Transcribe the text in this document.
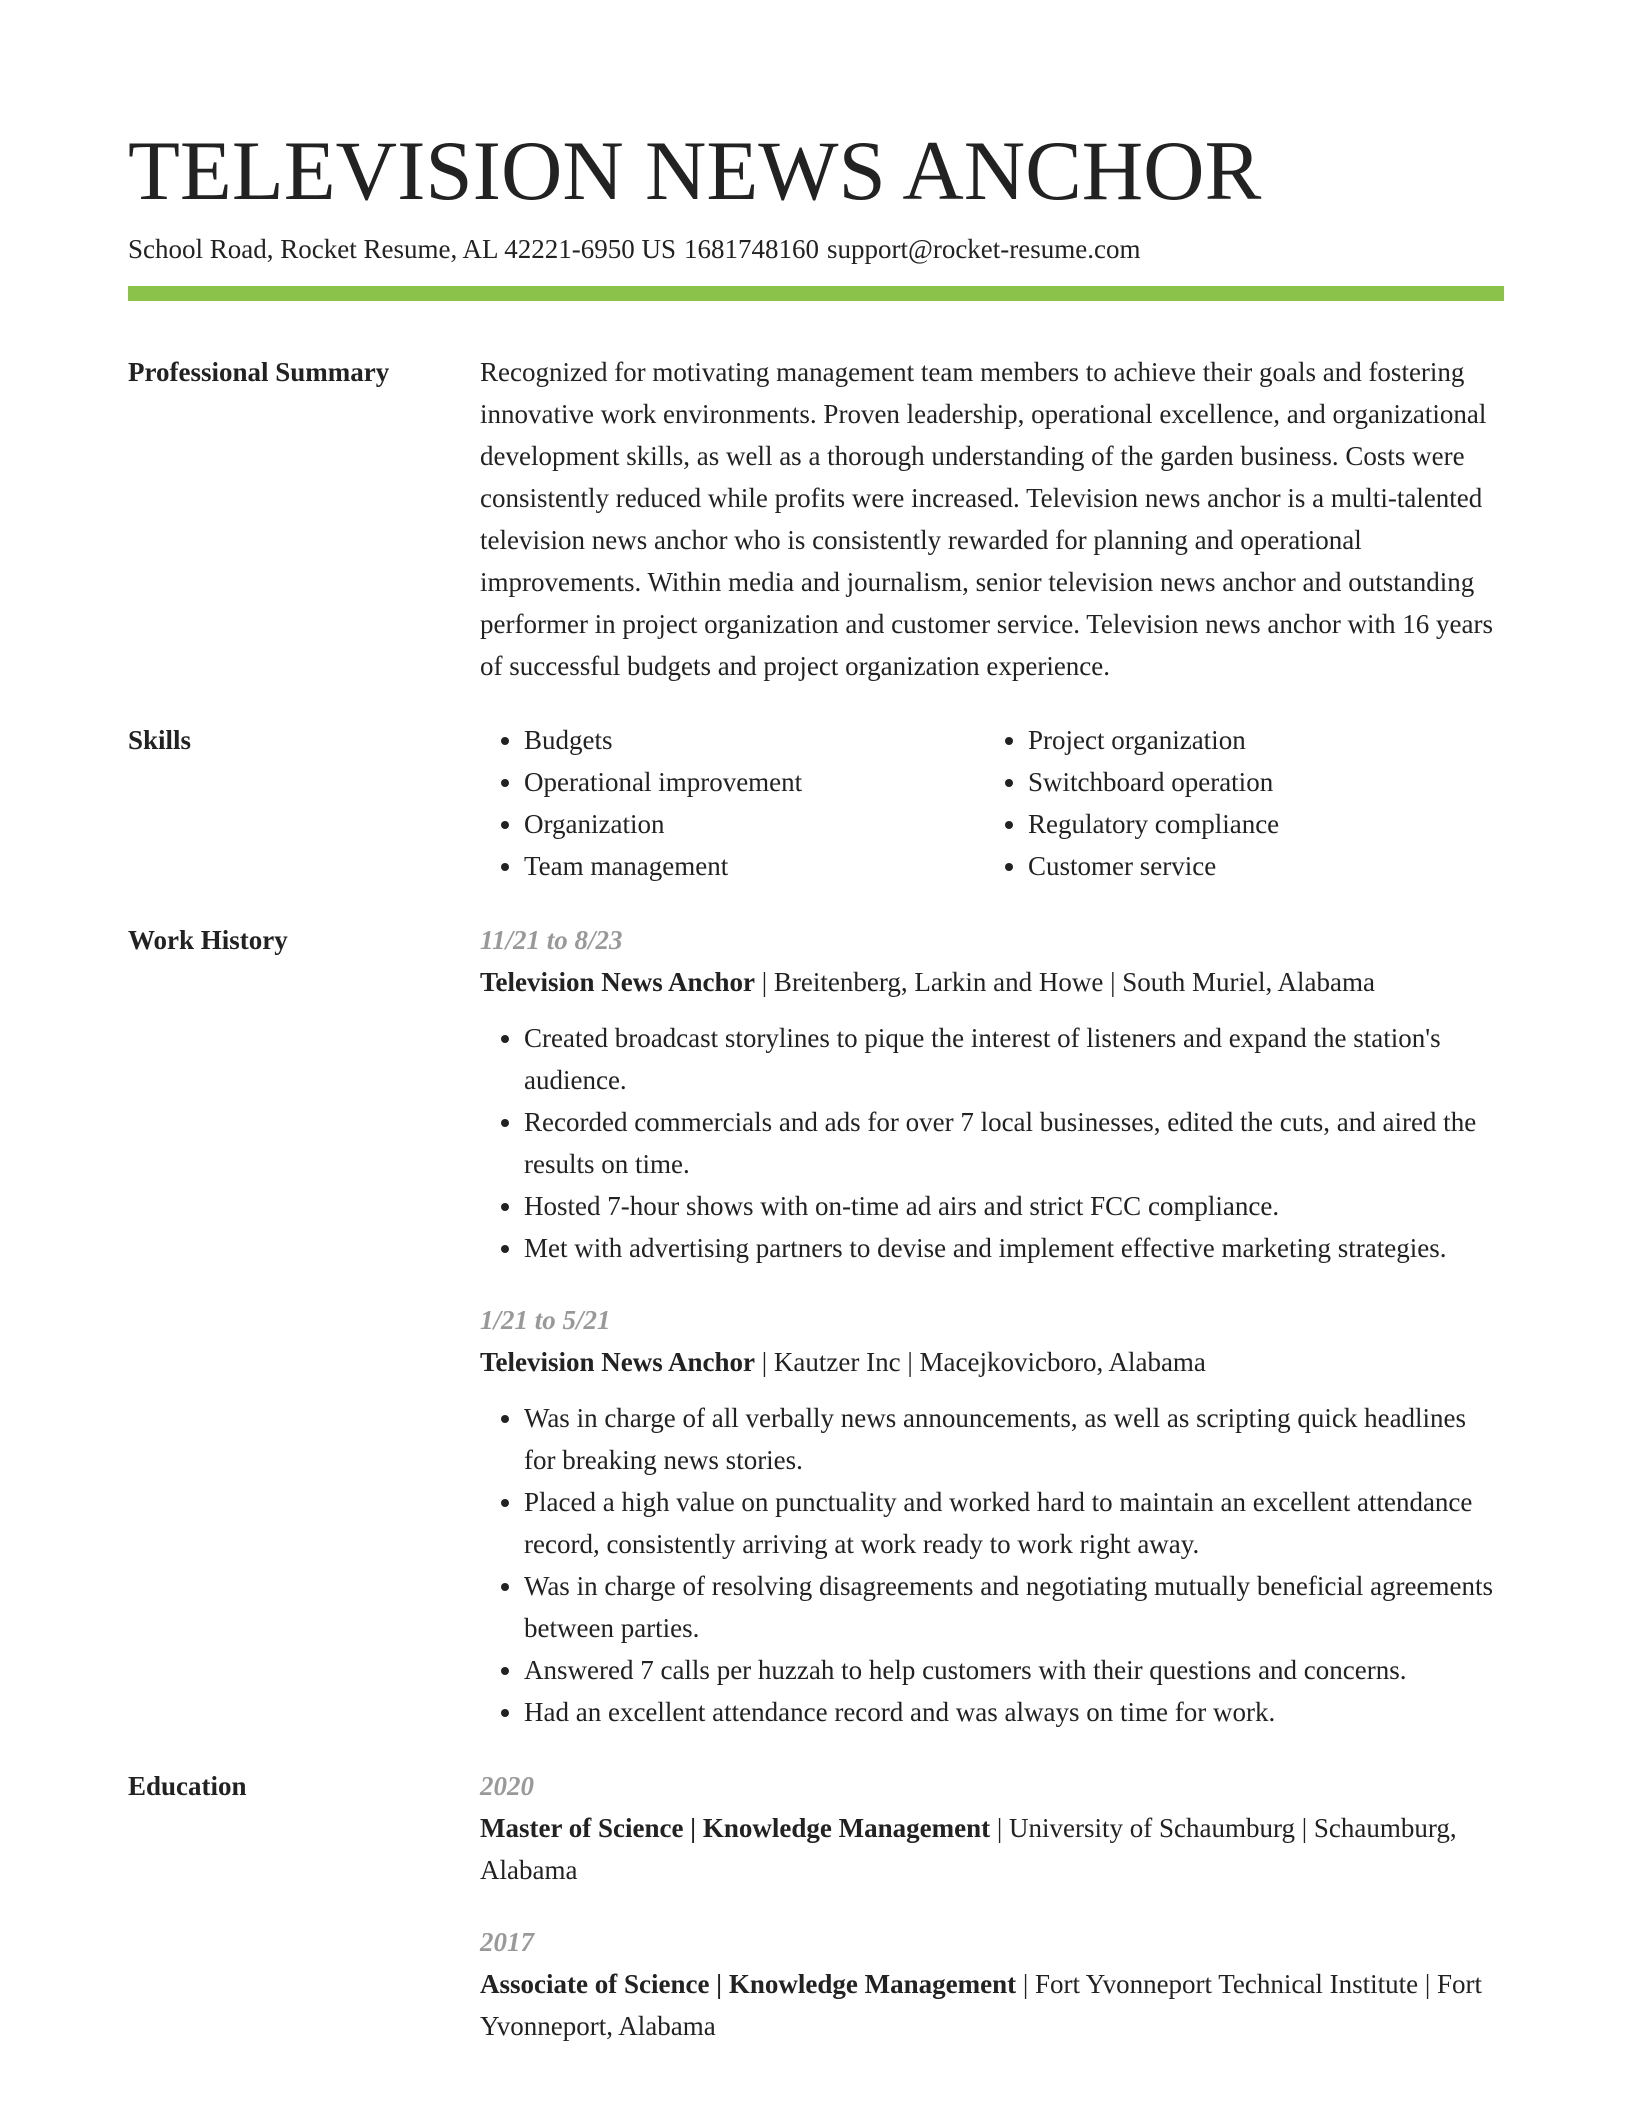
TELEVISION NEWS ANCHOR
School Road, Rocket Resume, AL 42221-6950 US 1681748160 support@rocket-resume.com
Professional Summary	Recognized for motivating management team members to achieve their goals and fostering innovative work environments. Proven leadership, operational excellence, and organizational development skills, as well as a thorough understanding of the garden business. Costs were consistently reduced while profits were increased. Television news anchor is a multi-talented television news anchor who is consistently rewarded for planning and operational improvements. Within media and journalism, senior television news anchor and outstanding performer in project organization and customer service. Television news anchor with 16 years of successful budgets and project organization experience.

Skills
•	Budgets
• Operational improvement
• Organization
• Team management
• Project organization
• Switchboard operation
• Regulatory compliance
• Customer service
Work History	11/21 to 8/23
Television News Anchor | Breitenberg, Larkin and Howe | South Muriel, Alabama
• Created broadcast storylines to pique the interest of listeners and expand the station's audience.
• Recorded commercials and ads for over 7 local businesses, edited the cuts, and aired the results on time.
• Hosted 7-hour shows with on-time ad airs and strict FCC compliance.
• Met with advertising partners to devise and implement effective marketing strategies.
1/21 to 5/21
Television News Anchor | Kautzer Inc | Macejkovicboro, Alabama
• Was in charge of all verbally news announcements, as well as scripting quick headlines for breaking news stories.
• Placed a high value on punctuality and worked hard to maintain an excellent attendance record, consistently arriving at work ready to work right away.
• Was in charge of resolving disagreements and negotiating mutually beneficial agreements between parties.
• Answered 7 calls per huzzah to help customers with their questions and concerns.
• Had an excellent attendance record and was always on time for work.
Education	2020
Master of Science | Knowledge Management | University of Schaumburg | Schaumburg, Alabama
2017
Associate of Science | Knowledge Management | Fort Yvonneport Technical Institute | Fort Yvonneport, Alabama
